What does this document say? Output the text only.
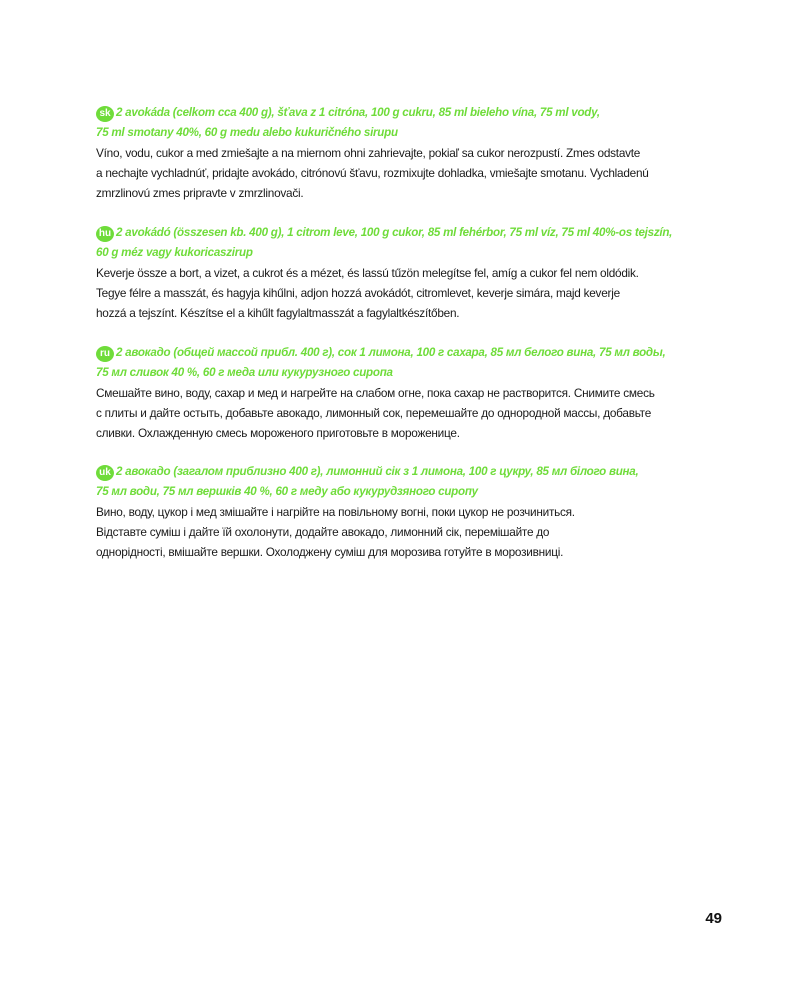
sk 2 avokáda (celkom cca 400 g), šťava z 1 citróna, 100 g cukru, 85 ml bieleho vína, 75 ml vody,
75 ml smotany 40%, 60 g medu alebo kukuričného sirupu

Víno, vodu, cukor a med zmiešajte a na miernom ohni zahrievajte, pokiaľ sa cukor nerozpustí. Zmes odstavte
a nechajte vychladnúť, pridajte avokádo, citrónovú šťavu, rozmixujte dohladka, vmiešajte smotanu. Vychladenú
zmrzlinovú zmes pripravte v zmrzlinovači.

hu 2 avokádó (összesen kb. 400 g), 1 citrom leve, 100 g cukor, 85 ml fehérbor, 75 ml víz, 75 ml 40%-os tejszín,
60 g méz vagy kukoricaszirup

Keverje össze a bort, a vizet, a cukrot és a mézet, és lassú tűzön melegítse fel, amíg a cukor fel nem oldódik.
Tegye félre a masszát, és hagyja kihűlni, adjon hozzá avokádót, citromlevet, keverje simára, majd keverje
hozzá a tejszínt. Készítse el a kihűlt fagylaltmasszát a fagylaltkészítőben.

ru 2 авокадо (общей массой прибл. 400 г), сок 1 лимона, 100 г сахара, 85 мл белого вина, 75 мл воды,
75 мл сливок 40 %, 60 г меда или кукурузного сиропа

Смешайте вино, воду, сахар и мед и нагрейте на слабом огне, пока сахар не растворится. Снимите смесь
с плиты и дайте остыть, добавьте авокадо, лимонный сок, перемешайте до однородной массы, добавьте
сливки. Охлажденную смесь мороженого приготовьте в мороженице.

uk 2 авокадо (загалом приблизно 400 г), лимонний сік з 1 лимона, 100 г цукру, 85 мл білого вина,
75 мл води, 75 мл вершків 40 %, 60 г меду або кукурудзяного сиропу

Вино, воду, цукор і мед змішайте і нагрійте на повільному вогні, поки цукор не розчиниться.
Відставте суміш і дайте їй охолонути, додайте авокадо, лимонний сік, перемішайте до
однорідності, вмішайте вершки. Охолоджену суміш для морозива готуйте в морозивниці.

49
